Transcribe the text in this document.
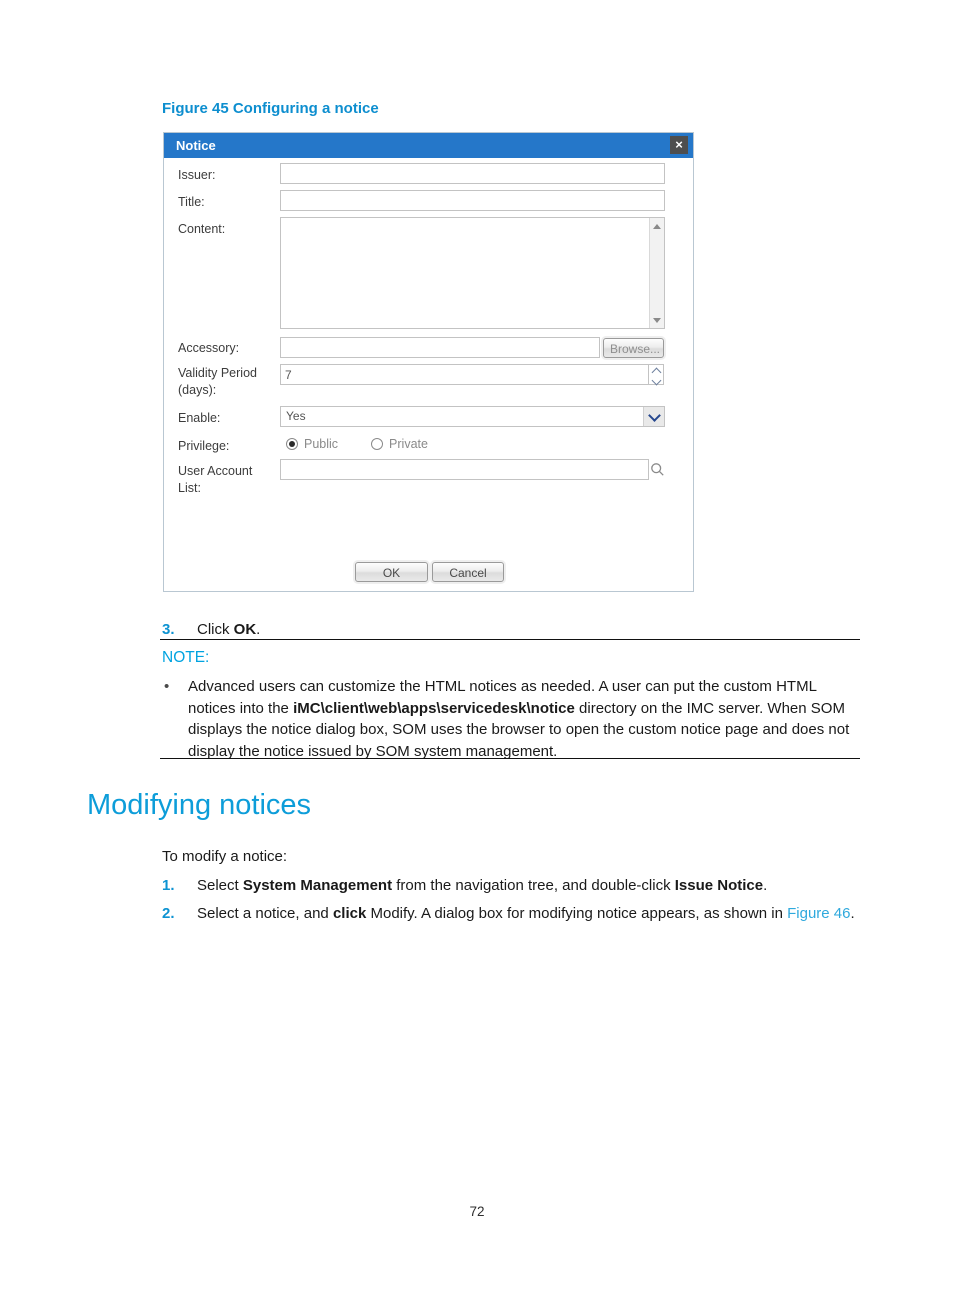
Figure 45 Configuring a notice
Notice	×
Issuer:
Title:
Content:
Accessory:	Browse...
Validity Period
(days):
7
Enable:	Yes
Privilege:	Public	Private
User Account
List:
OK	Cancel
3.	Click OK.
NOTE:
•	Advanced users can customize the HTML notices as needed. A user can put the custom HTML notices into the iMC\client\web\apps\servicedesk\notice directory on the IMC server. When SOM displays the notice dialog box, SOM uses the browser to open the custom notice page and does not display the notice issued by SOM system management.
Modifying notices
To modify a notice:
1.	Select System Management from the navigation tree, and double-click Issue Notice.
2.	Select a notice, and click Modify. A dialog box for modifying notice appears, as shown in Figure 46.
72
